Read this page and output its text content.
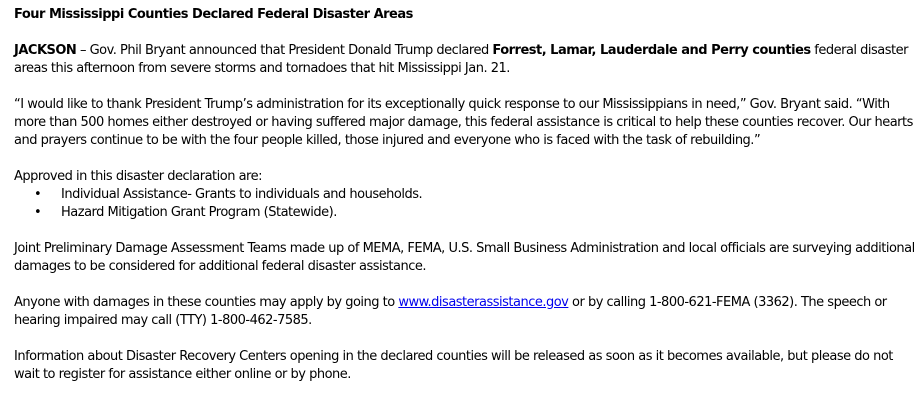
Four Mississippi Counties Declared Federal Disaster Areas

JACKSON – Gov. Phil Bryant announced that President Donald Trump declared Forrest, Lamar, Lauderdale and Perry counties federal disaster areas this afternoon from severe storms and tornadoes that hit Mississippi Jan. 21.

“I would like to thank President Trump’s administration for its exceptionally quick response to our Mississippians in need,” Gov. Bryant said. “With more than 500 homes either destroyed or having suffered major damage, this federal assistance is critical to help these counties recover. Our hearts and prayers continue to be with the four people killed, those injured and everyone who is faced with the task of rebuilding.”

Approved in this disaster declaration are:

• Individual Assistance- Grants to individuals and households.
• Hazard Mitigation Grant Program (Statewide).

Joint Preliminary Damage Assessment Teams made up of MEMA, FEMA, U.S. Small Business Administration and local officials are surveying additional damages to be considered for additional federal disaster assistance.

Anyone with damages in these counties may apply by going to www.disasterassistance.gov or by calling 1-800-621-FEMA (3362). The speech or hearing impaired may call (TTY) 1-800-462-7585.

Information about Disaster Recovery Centers opening in the declared counties will be released as soon as it becomes available, but please do not wait to register for assistance either online or by phone.
